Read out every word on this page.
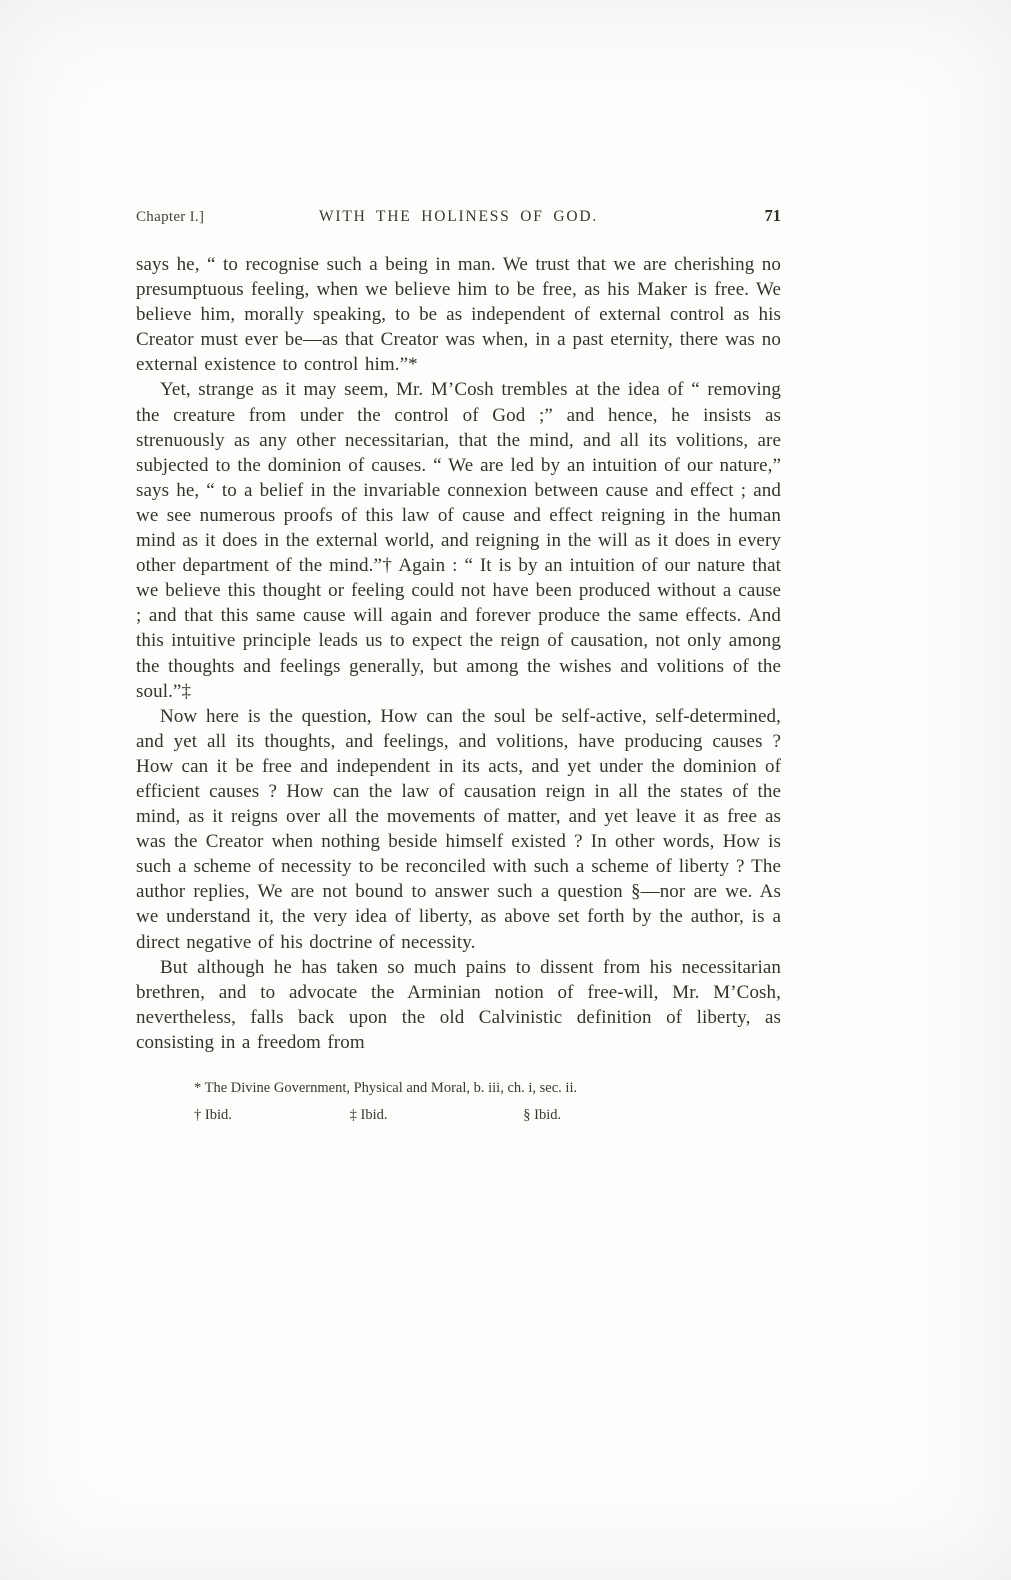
Chapter I.]	WITH THE HOLINESS OF GOD.	71

says he, “ to recognise such a being in man. We trust that we are cherishing no presumptuous feeling, when we believe him to be free, as his Maker is free. We believe him, morally speaking, to be as independent of external control as his Creator must ever be—as that Creator was when, in a past eternity, there was no external existence to control him.”*

Yet, strange as it may seem, Mr. M’Cosh trembles at the idea of “ removing the creature from under the control of God ;” and hence, he insists as strenuously as any other necessitarian, that the mind, and all its volitions, are subjected to the dominion of causes. “ We are led by an intuition of our nature,” says he, “ to a belief in the invariable connexion between cause and effect ; and we see numerous proofs of this law of cause and effect reigning in the human mind as it does in the external world, and reigning in the will as it does in every other department of the mind.”† Again : “ It is by an intuition of our nature that we believe this thought or feeling could not have been produced without a cause ; and that this same cause will again and forever produce the same effects. And this intuitive principle leads us to expect the reign of causation, not only among the thoughts and feelings generally, but among the wishes and volitions of the soul.”‡

Now here is the question, How can the soul be self-active, self-determined, and yet all its thoughts, and feelings, and volitions, have producing causes ? How can it be free and independent in its acts, and yet under the dominion of efficient causes ? How can the law of causation reign in all the states of the mind, as it reigns over all the movements of matter, and yet leave it as free as was the Creator when nothing beside himself existed ? In other words, How is such a scheme of necessity to be reconciled with such a scheme of liberty ? The author replies, We are not bound to answer such a question §—nor are we. As we understand it, the very idea of liberty, as above set forth by the author, is a direct negative of his doctrine of necessity.

But although he has taken so much pains to dissent from his necessitarian brethren, and to advocate the Arminian notion of free-will, Mr. M’Cosh, nevertheless, falls back upon the old Calvinistic definition of liberty, as consisting in a freedom from

* The Divine Government, Physical and Moral, b. iii, ch. i, sec. ii.
† Ibid.	‡ Ibid.	§ Ibid.
